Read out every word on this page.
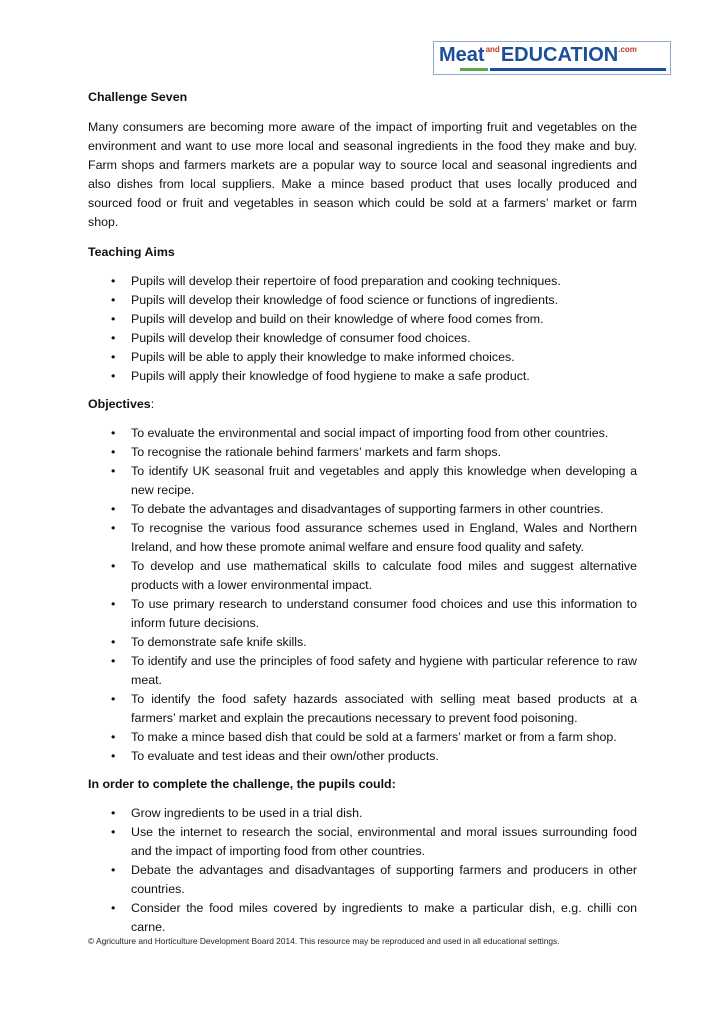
$Meat^{and}EDUCATION^{.com}$

Challenge Seven

Many consumers are becoming more aware of the impact of importing fruit and vegetables on the environment and want to use more local and seasonal ingredients in the food they make and buy. Farm shops and farmers markets are a popular way to source local and seasonal ingredients and also dishes from local suppliers. Make a mince based product that uses locally produced and sourced food or fruit and vegetables in season which could be sold at a farmers’ market or farm shop.

Teaching Aims

• Pupils will develop their repertoire of food preparation and cooking techniques.
• Pupils will develop their knowledge of food science or functions of ingredients.
• Pupils will develop and build on their knowledge of where food comes from.
• Pupils will develop their knowledge of consumer food choices.
• Pupils will be able to apply their knowledge to make informed choices.
• Pupils will apply their knowledge of food hygiene to make a safe product.

Objectives:

• To evaluate the environmental and social impact of importing food from other countries.
• To recognise the rationale behind farmers’ markets and farm shops.
• To identify UK seasonal fruit and vegetables and apply this knowledge when developing a new recipe.
• To debate the advantages and disadvantages of supporting farmers in other countries.
• To recognise the various food assurance schemes used in England, Wales and Northern Ireland, and how these promote animal welfare and ensure food quality and safety.
• To develop and use mathematical skills to calculate food miles and suggest alternative products with a lower environmental impact.
• To use primary research to understand consumer food choices and use this information to inform future decisions.
• To demonstrate safe knife skills.
• To identify and use the principles of food safety and hygiene with particular reference to raw meat.
• To identify the food safety hazards associated with selling meat based products at a farmers’ market and explain the precautions necessary to prevent food poisoning.
• To make a mince based dish that could be sold at a farmers’ market or from a farm shop.
• To evaluate and test ideas and their own/other products.

In order to complete the challenge, the pupils could:

• Grow ingredients to be used in a trial dish.
• Use the internet to research the social, environmental and moral issues surrounding food and the impact of importing food from other countries.
• Debate the advantages and disadvantages of supporting farmers and producers in other countries.
• Consider the food miles covered by ingredients to make a particular dish, e.g. chilli con carne.
© Agriculture and Horticulture Development Board 2014. This resource may be reproduced and used in all educational settings.
